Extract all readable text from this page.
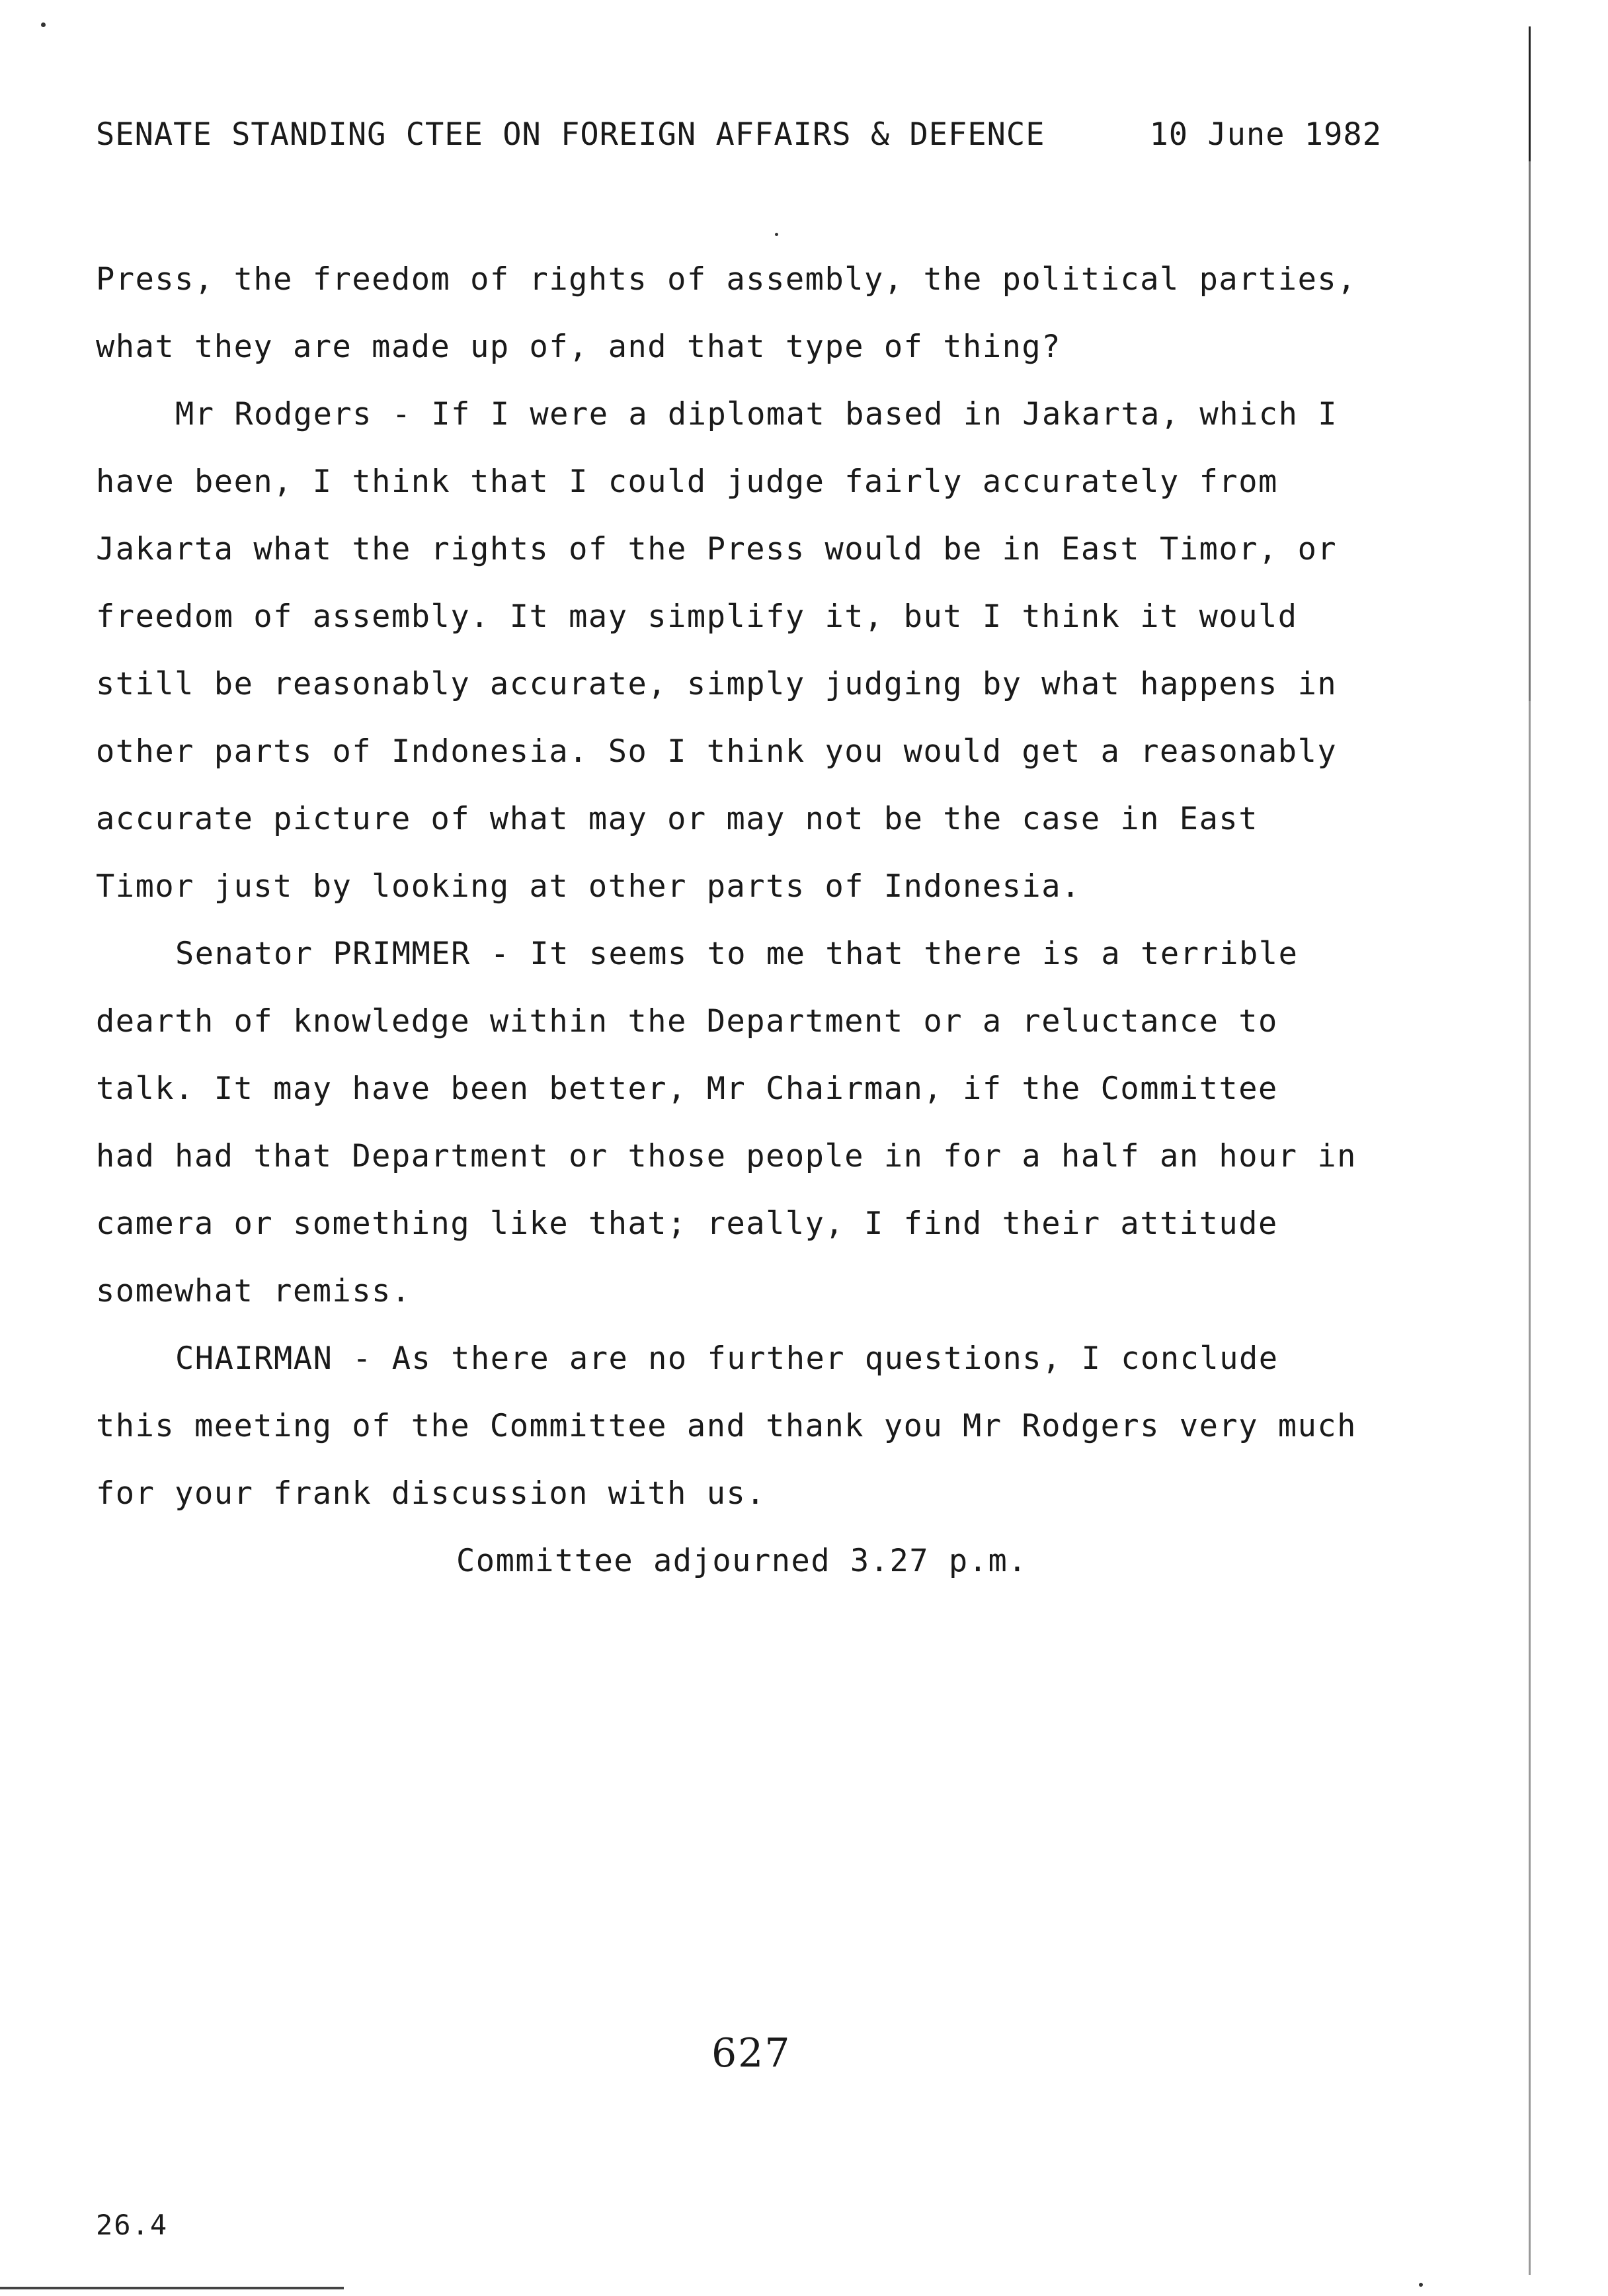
SENATE STANDING CTEE ON FOREIGN AFFAIRS & DEFENCE	10 June 1982
Press, the freedom of rights of assembly, the political parties,
what they are made up of, and that type of thing?
Mr Rodgers - If I were a diplomat based in Jakarta, which I
have been, I think that I could judge fairly accurately from
Jakarta what the rights of the Press would be in East Timor, or
freedom of assembly. It may simplify it, but I think it would
still be reasonably accurate, simply judging by what happens in
other parts of Indonesia. So I think you would get a reasonably
accurate picture of what may or may not be the case in East
Timor just by looking at other parts of Indonesia.
Senator PRIMMER - It seems to me that there is a terrible
dearth of knowledge within the Department or a reluctance to
talk. It may have been better, Mr Chairman, if the Committee
had had that Department or those people in for a half an hour in
camera or something like that; really, I find their attitude
somewhat remiss.
CHAIRMAN - As there are no further questions, I conclude
this meeting of the Committee and thank you Mr Rodgers very much
for your frank discussion with us.
Committee adjourned 3.27 p.m.
627
26.4
